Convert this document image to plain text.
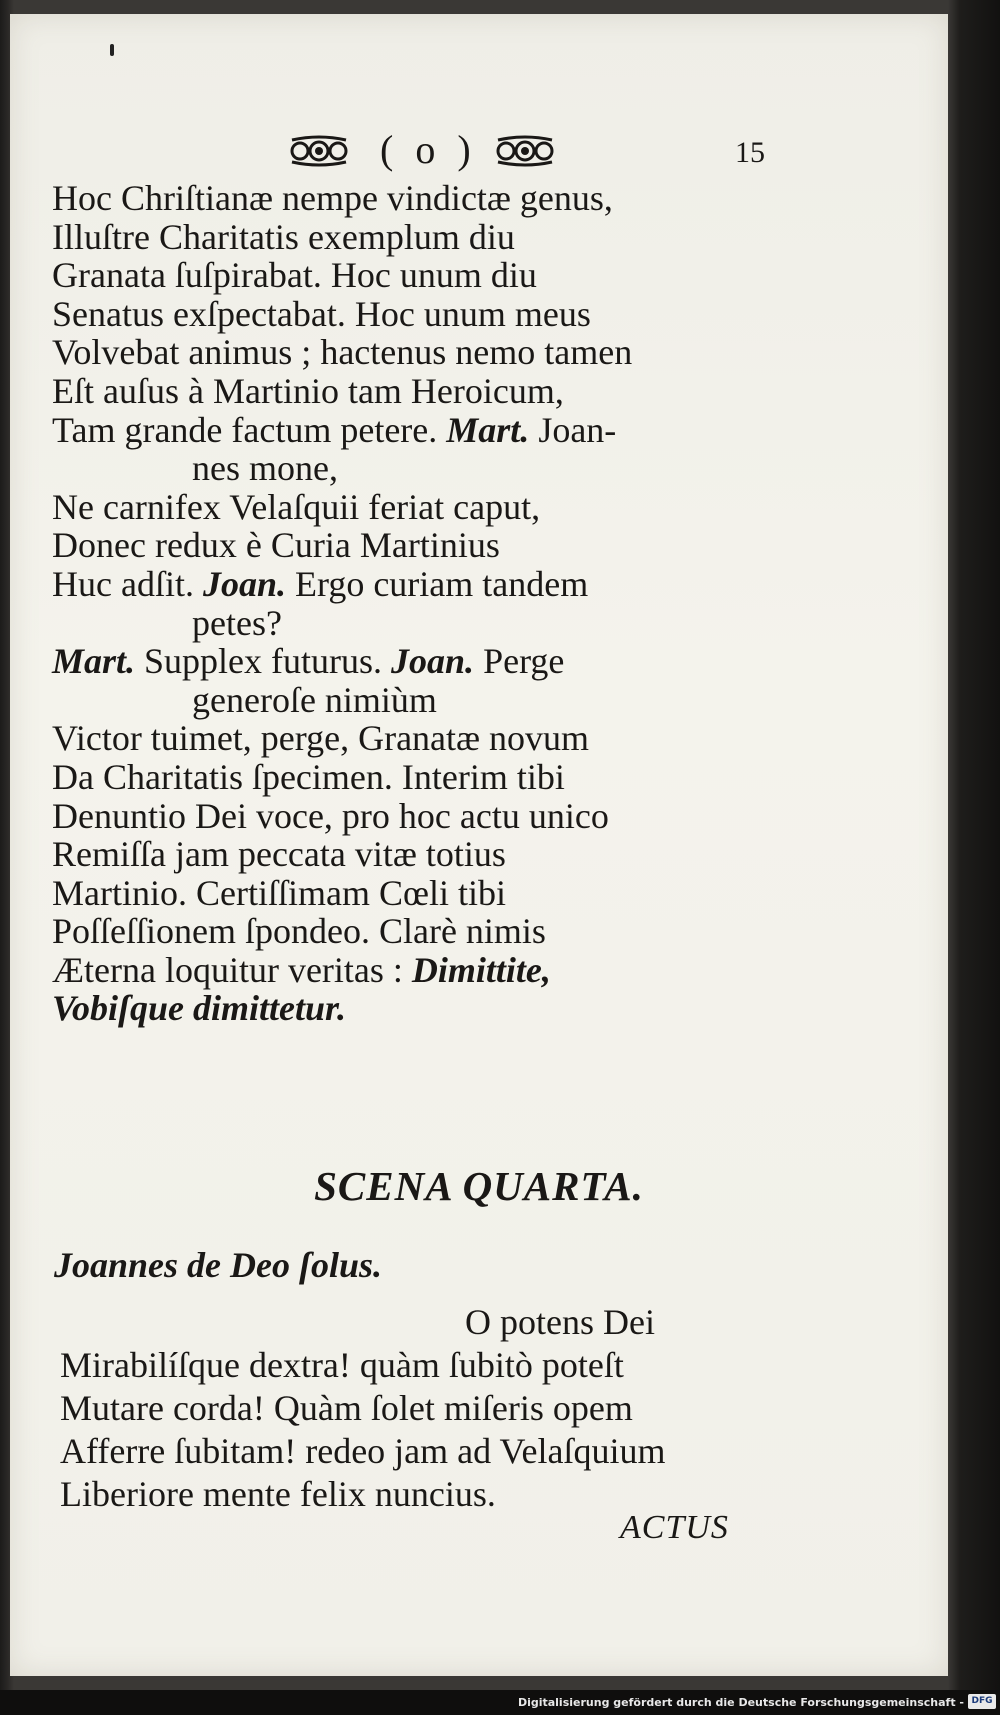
( o )	15
Hoc Chriſtianæ nempe vindictæ genus,
Illuſtre Charitatis exemplum diu
Granata ſuſpirabat. Hoc unum diu
Senatus exſpectabat. Hoc unum meus
Volvebat animus ; hactenus nemo tamen
Eſt auſus à Martinio tam Heroicum,
Tam grande factum petere. Mart. Joan-
nes mone,
Ne carnifex Velaſquii feriat caput,
Donec redux è Curia Martinius
Huc adſit. Joan. Ergo curiam tandem
petes?
Mart. Supplex futurus. Joan. Perge
generoſe nimiùm
Victor tuimet, perge, Granatæ novum
Da Charitatis ſpecimen. Interim tibi
Denuntio Dei voce, pro hoc actu unico
Remiſſa jam peccata vitæ totius
Martinio. Certiſſimam Cœli tibi
Poſſeſſionem ſpondeo. Clarè nimis
Æterna loquitur veritas : Dimittite,
Vobiſque dimittetur.
SCENA QUARTA.
Joannes de Deo ſolus.
O potens Dei
Mirabilíſque dextra! quàm ſubitò poteſt
Mutare corda! Quàm ſolet miſeris opem
Afferre ſubitam! redeo jam ad Velaſquium
Liberiore mente felix nuncius.
ACTUS
Digitalisierung gefördert durch die Deutsche Forschungsgemeinschaft - DFG
